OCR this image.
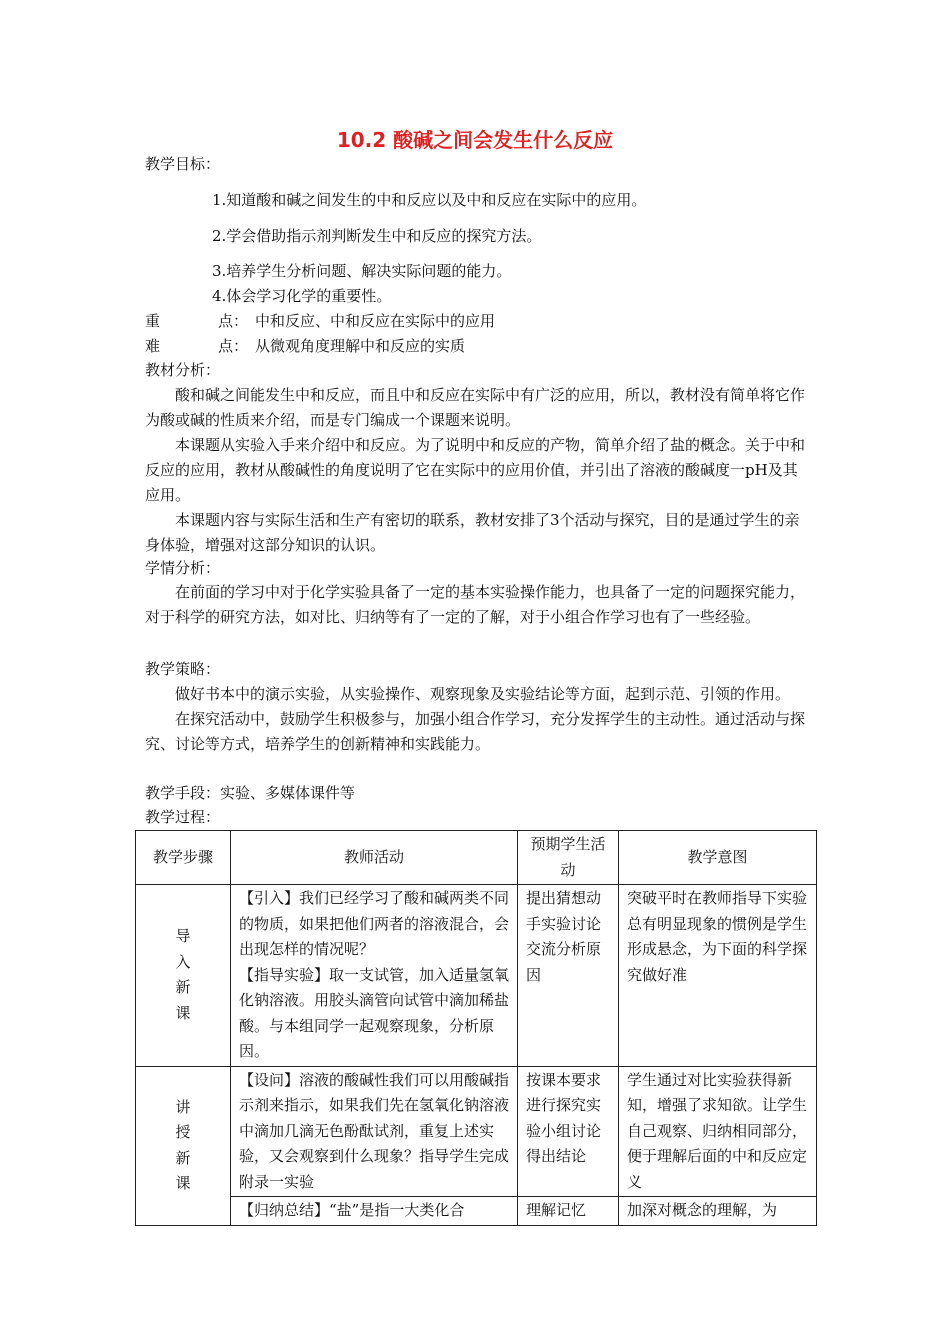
10.2 酸碱之间会发生什么反应
教学目标：
1.知道酸和碱之间发生的中和反应以及中和反应在实际中的应用。
2.学会借助指示剂判断发生中和反应的探究方法。
3.培养学生分析问题、解决实际问题的能力。
4.体会学习化学的重要性。
重	点： 中和反应、中和反应在实际中的应用
难	点： 从微观角度理解中和反应的实质
教材分析：

酸和碱之间能发生中和反应，而且中和反应在实际中有广泛的应用，所以，教材没有简单将它作为酸或碱的性质来介绍，而是专门编成一个课题来说明。

本课题从实验入手来介绍中和反应。为了说明中和反应的产物，简单介绍了盐的概念。关于中和反应的应用，教材从酸碱性的角度说明了它在实际中的应用价值，并引出了溶液的酸碱度一pH及其应用。

本课题内容与实际生活和生产有密切的联系，教材安排了3个活动与探究，目的是通过学生的亲身体验，增强对这部分知识的认识。

学情分析：

在前面的学习中对于化学实验具备了一定的基本实验操作能力，也具备了一定的问题探究能力，对于科学的研究方法，如对比、归纳等有了一定的了解，对于小组合作学习也有了一些经验。

教学策略：

做好书本中的演示实验，从实验操作、观察现象及实验结论等方面，起到示范、引领的作用。

在探究活动中，鼓励学生积极参与，加强小组合作学习，充分发挥学生的主动性。通过活动与探究、讨论等方式，培养学生的创新精神和实践能力。

教学手段：实验、多媒体课件等
教学过程：
教学步骤	教师活动	预期学生活动	教学意图

导入新课	【引入】我们已经学习了酸和碱两类不同的物质，如果把他们两者的溶液混合，会出现怎样的情况呢？
【指导实验】取一支试管，加入适量氢氧化钠溶液。用胶头滴管向试管中滴加稀盐酸。与本组同学一起观察现象，分析原因。	提出猜想动手实验讨论交流分析原因	突破平时在教师指导下实验总有明显现象的惯例是学生形成悬念，为下面的科学探究做好准

讲授新课	【设问】溶液的酸碱性我们可以用酸碱指示剂来指示，如果我们先在氢氧化钠溶液中滴加几滴无色酚酞试剂，重复上述实验，又会观察到什么现象？指导学生完成附录一实验	按课本要求进行探究实验小组讨论得出结论	学生通过对比实验获得新知，增强了求知欲。让学生自己观察、归纳相同部分，便于理解后面的中和反应定义
	【归纳总结】“盐”是指一大类化合	理解记忆	加深对概念的理解，为
